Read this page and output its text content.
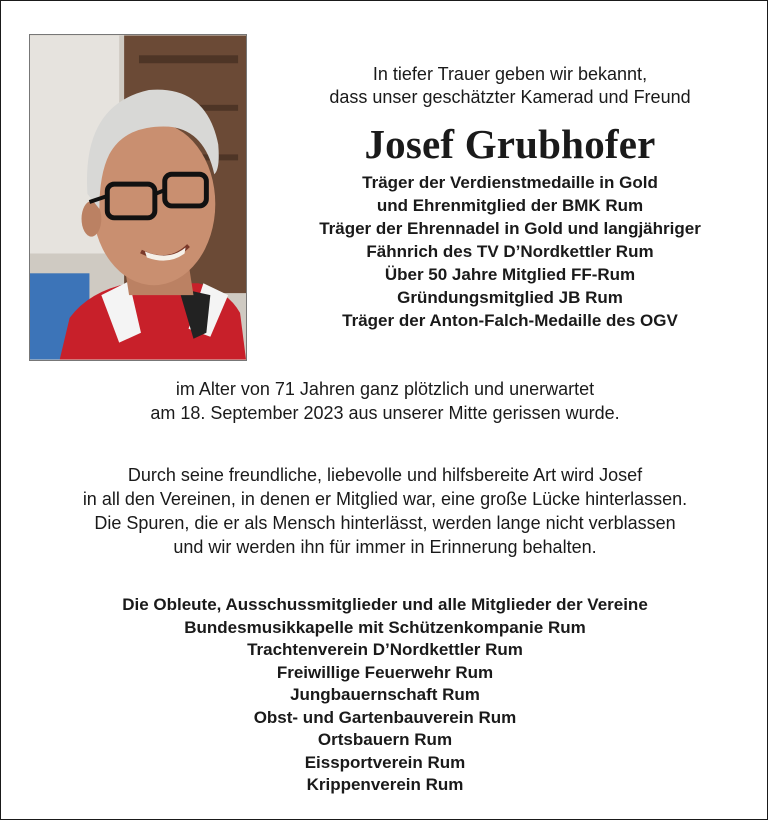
In tiefer Trauer geben wir bekannt,
dass unser geschätzter Kamerad und Freund
Josef Grubhofer
Träger der Verdienstmedaille in Gold
und Ehrenmitglied der BMK Rum
Träger der Ehrennadel in Gold und langjähriger
Fähnrich des TV D’Nordkettler Rum
Über 50 Jahre Mitglied FF-Rum
Gründungsmitglied JB Rum
Träger der Anton-Falch-Medaille des OGV
im Alter von 71 Jahren ganz plötzlich und unerwartet
am 18. September 2023 aus unserer Mitte gerissen wurde.
Durch seine freundliche, liebevolle und hilfsbereite Art wird Josef
in all den Vereinen, in denen er Mitglied war, eine große Lücke hinterlassen.
Die Spuren, die er als Mensch hinterlässt, werden lange nicht verblassen
und wir werden ihn für immer in Erinnerung behalten.
Die Obleute, Ausschussmitglieder und alle Mitglieder der Vereine
Bundesmusikkapelle mit Schützenkompanie Rum
Trachtenverein D’Nordkettler Rum
Freiwillige Feuerwehr Rum
Jungbauernschaft Rum
Obst- und Gartenbauverein Rum
Ortsbauern Rum
Eissportverein Rum
Krippenverein Rum
